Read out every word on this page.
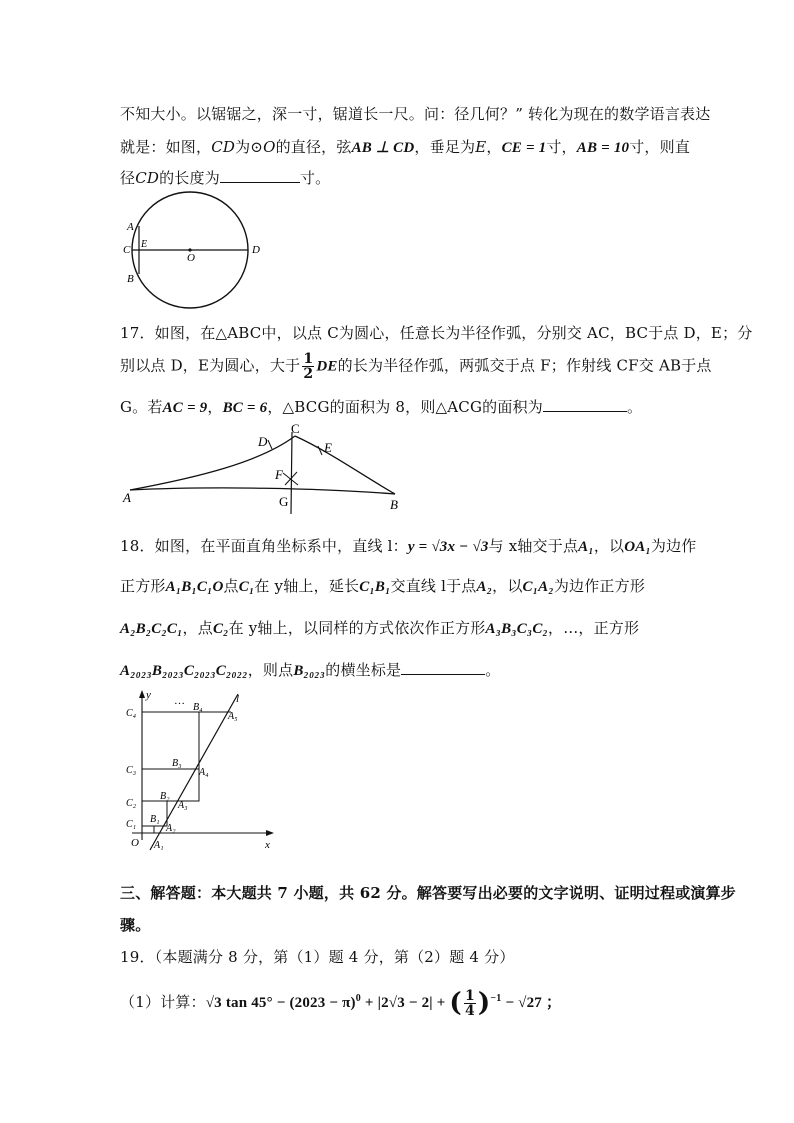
不知大小。以锯锯之，深一寸，锯道长一尺。问：径几何？” 转化为现在的数学语言表达
就是：如图，CD为⊙O的直径，弦AB ⊥ CD，垂足为E，CE = 1寸，AB = 10寸，则直
径CD的长度为	寸。
A
C E
B
O
D
17．如图，在△ABC中，以点 C为圆心，任意长为半径作弧，分别交 AC，BC于点 D，E；分
别以点 D，E为圆心，大于 $\frac{1}{2}$ DE的长为半径作弧，两弧交于点 F；作射线 CF交 AB于点
G。若AC = 9，BC = 6，△BCG的面积为 8，则△ACG的面积为	。
D
C
E
F
A	G	B
18．如图，在平面直角坐标系中，直线 l：y = √3x − √3与 x轴交于点A₁，以OA₁为边作
正方形A₁B₁C₁O点C₁在 y轴上，延长C₁B₁交直线 l于点A₂，以C₁A₂为边作正方形
A₂B₂C₂C₁，点C₂在 y轴上，以同样的方式依次作正方形A₃B₃C₃C₂，…，正方形
A₂₀₂₃B₂₀₂₃C₂₀₂₃C₂₀₂₂，则点B₂₀₂₃的横坐标是	。
y …
B₄
l
C₄	A₅
C₃
B₃
A₄
B₂
C₂	A₃
B₁
C₁	A₂
O A₁	x
三、解答题：本大题共 7 小题，共 62 分。解答要写出必要的文字说明、证明过程或演算步
骤。
19．（本题满分 8 分，第（1）题 4 分，第（2）题 4 分）
（1）计算：√3 $\tan 45^\circ - (2023 - \pi)^0 + |2√3 - 2|$ + ( $\frac{1}{4} )^{-1} - √27$ ；
